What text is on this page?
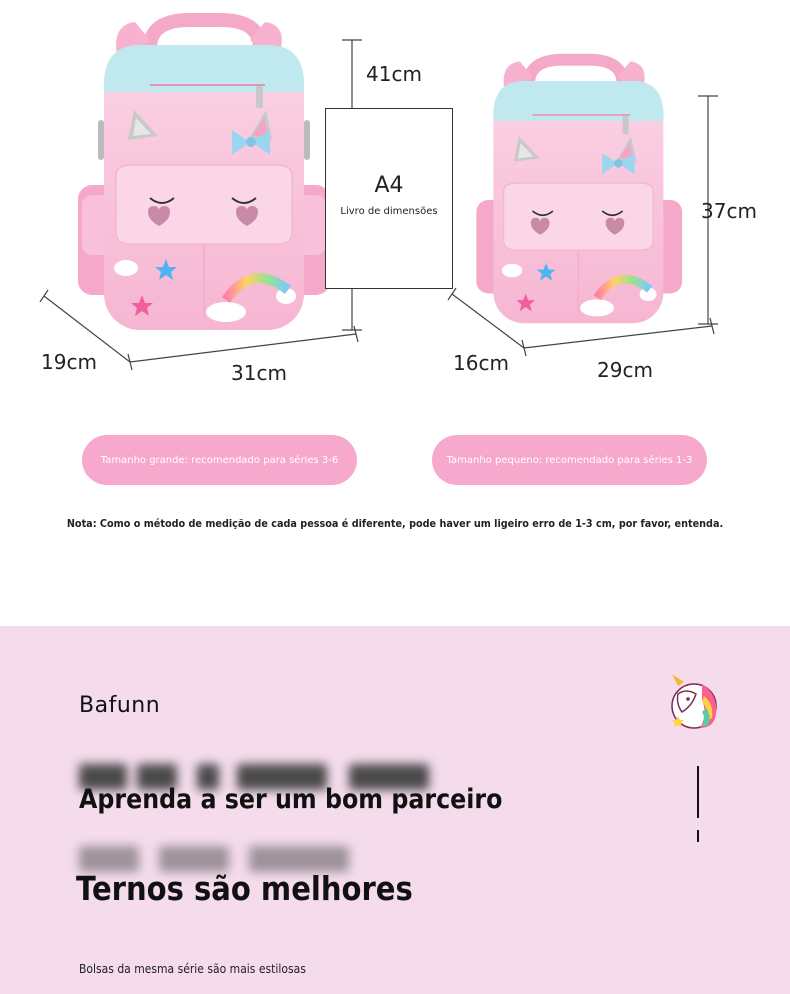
41cm
19cm	31cm
37cm
16cm	29cm
A4
Livro de dimensões
Tamanho grande: recomendado para séries 3-6	Tamanho pequeno: recomendado para séries 1-3
Nota: Como o método de medição de cada pessoa é diferente, pode haver um ligeiro erro de 1-3 cm, por favor, entenda.
Bafunn
Aprenda a ser um bom parceiro
Ternos são melhores
Bolsas da mesma série são mais estilosas
